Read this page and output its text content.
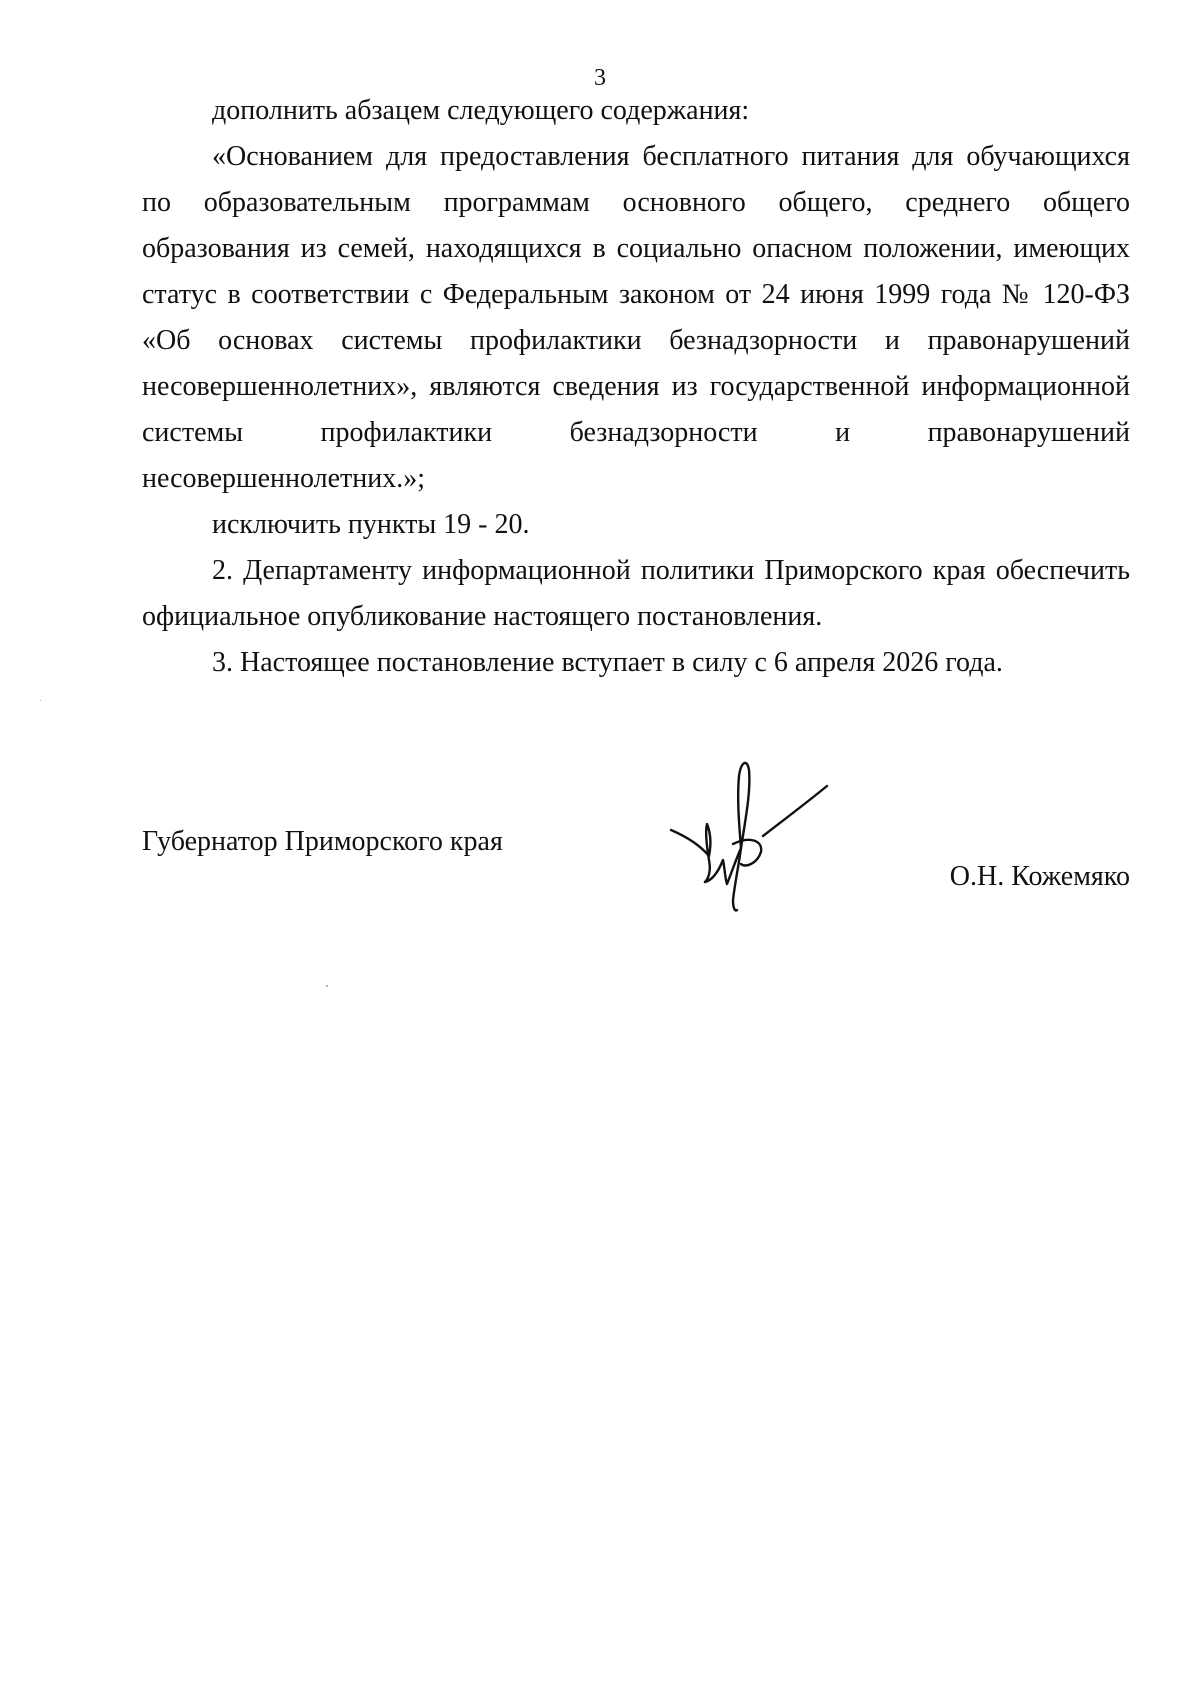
3

дополнить абзацем следующего содержания:

«Основанием для предоставления бесплатного питания для обучающихся по образовательным программам основного общего, среднего общего образования из семей, находящихся в социально опасном положении, имеющих статус в соответствии с Федеральным законом от 24 июня 1999 года № 120-ФЗ «Об основах системы профилактики безнадзорности и правонарушений несовершеннолетних», являются сведения из государственной информационной системы профилактики безнадзорности и правонарушений несовершеннолетних.»;

исключить пункты 19 - 20.

2. Департаменту информационной политики Приморского края обеспечить официальное опубликование настоящего постановления.

3. Настоящее постановление вступает в силу с 6 апреля 2026 года.

Губернатор Приморского края
О.Н. Кожемяко
